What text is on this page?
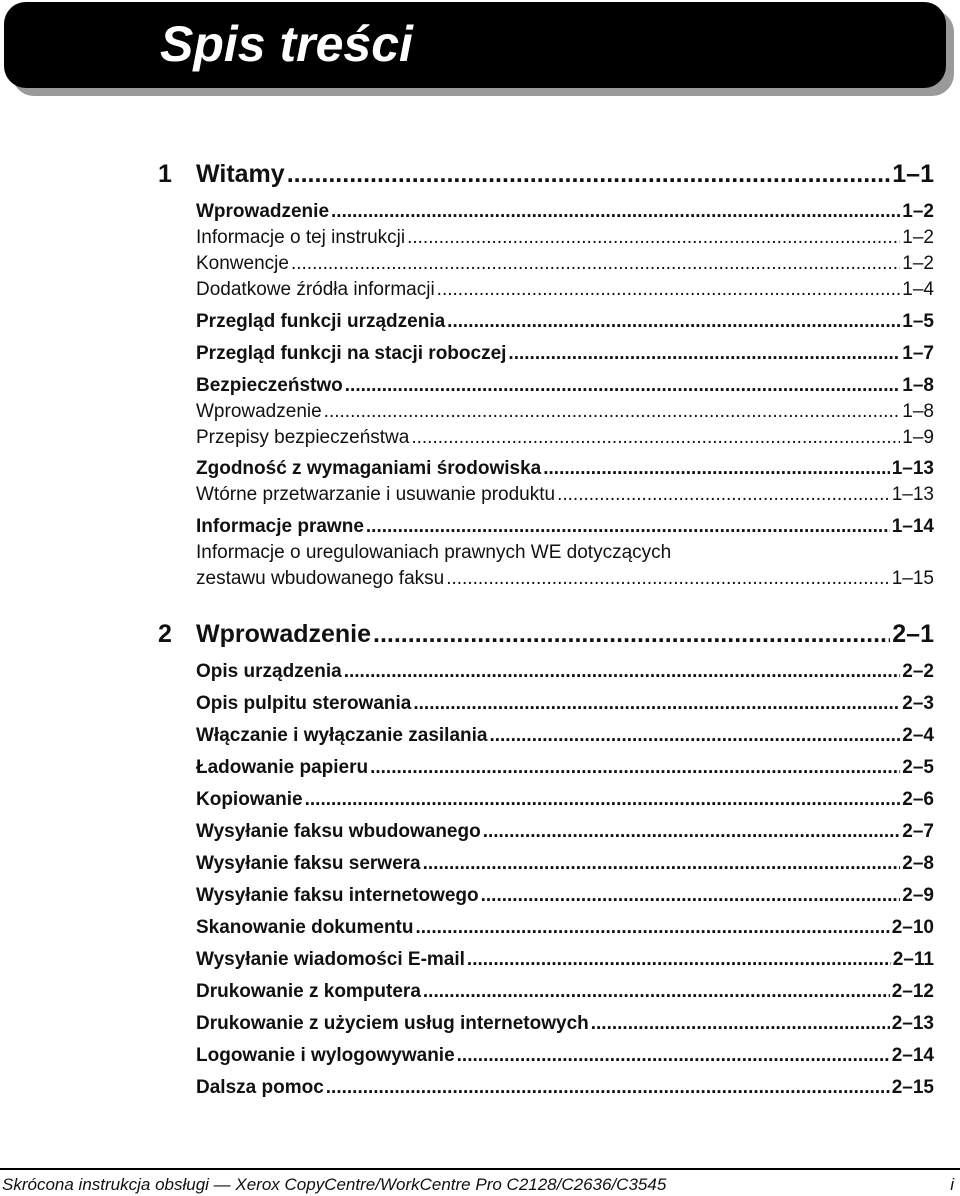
Spis treści
1 Witamy .....	1–1
Wprowadzenie .....	1–2
Informacje o tej instrukcji .....	1–2
Konwencje .....	1–2
Dodatkowe źródła informacji .....	1–4
Przegląd funkcji urządzenia .....	1–5
Przegląd funkcji na stacji roboczej .....	1–7
Bezpieczeństwo .....	1–8
Wprowadzenie .....	1–8
Przepisy bezpieczeństwa .....	1–9
Zgodność z wymaganiami środowiska .....	1–13
Wtórne przetwarzanie i usuwanie produktu .....	1–13
Informacje prawne .....	1–14
Informacje o uregulowaniach prawnych WE dotyczących
zestawu wbudowanego faksu .....	1–15
2 Wprowadzenie .....	2–1
Opis urządzenia .....	2–2
Opis pulpitu sterowania .....	2–3
Włączanie i wyłączanie zasilania .....	2–4
Ładowanie papieru .....	2–5
Kopiowanie .....	2–6
Wysyłanie faksu wbudowanego .....	2–7
Wysyłanie faksu serwera .....	2–8
Wysyłanie faksu internetowego .....	2–9
Skanowanie dokumentu .....	2–10
Wysyłanie wiadomości E-mail .....	2–11
Drukowanie z komputera .....	2–12
Drukowanie z użyciem usług internetowych .....	2–13
Logowanie i wylogowywanie .....	2–14
Dalsza pomoc .....	2–15
Skrócona instrukcja obsługi — Xerox CopyCentre/WorkCentre Pro C2128/C2636/C3545	i
